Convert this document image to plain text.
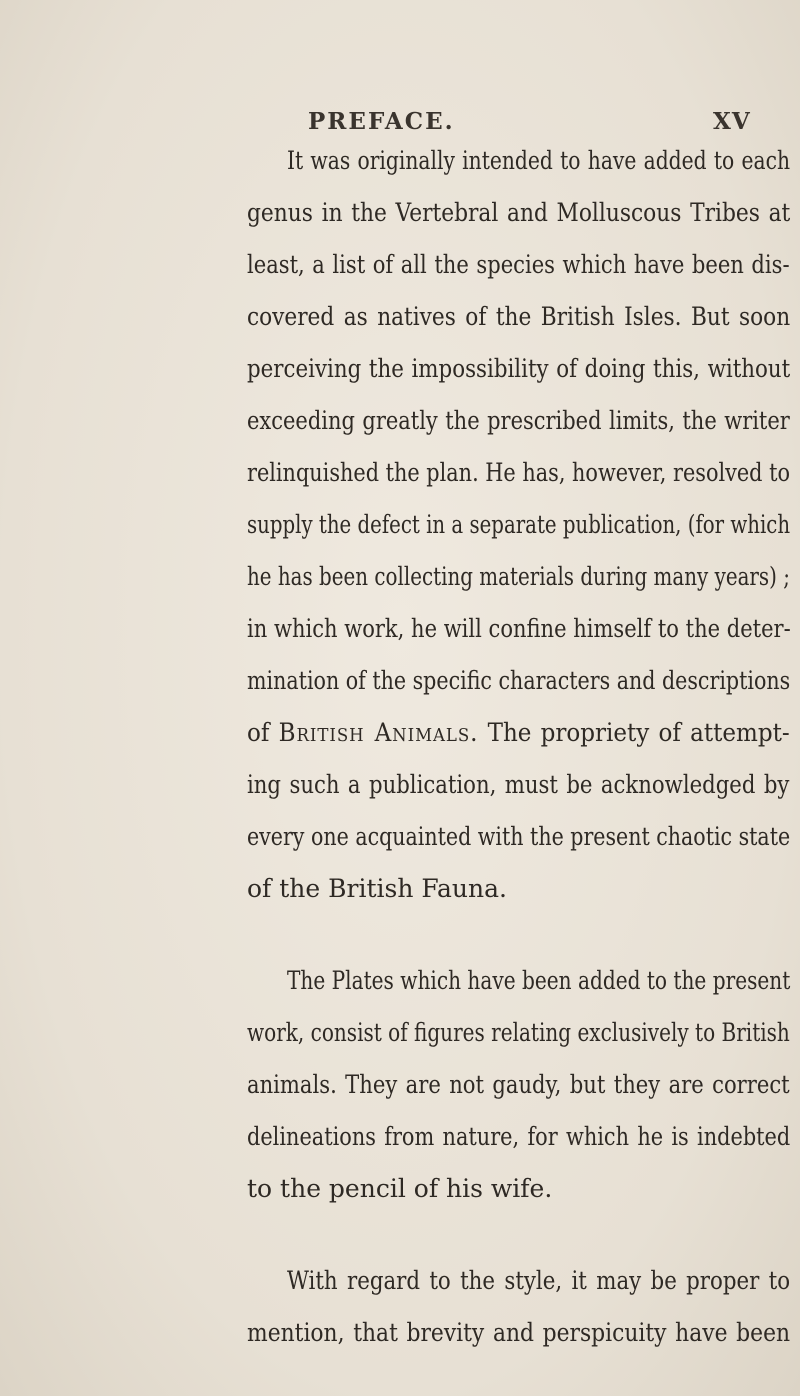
PREFACE.	XV
It was originally intended to have added to each
genus in the Vertebral and Molluscous Tribes at
least, a list of all the species which have been dis-
covered as natives of the British Isles. But soon
perceiving the impossibility of doing this, without
exceeding greatly the prescribed limits, the writer
relinquished the plan. He has, however, resolved to
supply the defect in a separate publication, (for which
he has been collecting materials during many years) ;
in which work, he will confine himself to the deter-
mination of the specific characters and descriptions
of British Animals. The propriety of attempt-
ing such a publication, must be acknowledged by
every one acquainted with the present chaotic state
of the British Fauna.
The Plates which have been added to the present
work, consist of figures relating exclusively to British
animals. They are not gaudy, but they are correct
delineations from nature, for which he is indebted
to the pencil of his wife.
With regard to the style, it may be proper to
mention, that brevity and perspicuity have been
